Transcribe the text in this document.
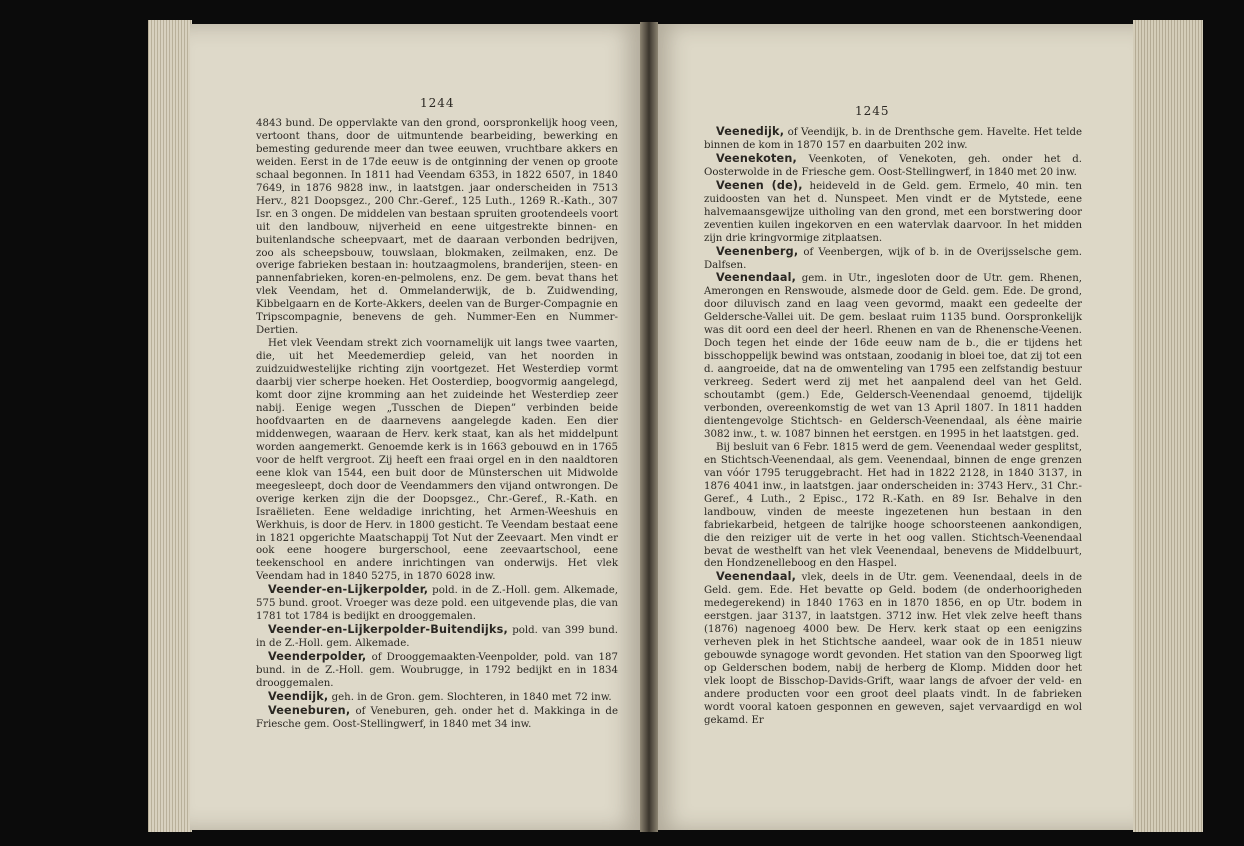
1244
1245

4843 bund. De oppervlakte van den grond, oorspronkelijk hoog veen, vertoont thans, door de uitmuntende bearbeiding, bewerking en bemesting gedurende meer dan twee eeuwen, vruchtbare akkers en weiden. Eerst in de 17de eeuw is de ontginning der venen op groote schaal begonnen. In 1811 had Veendam 6353, in 1822 6507, in 1840 7649, in 1876 9828 inw., in laatstgen. jaar onderscheiden in 7513 Herv., 821 Doopsgez., 200 Chr.-Geref., 125 Luth., 1269 R.-Kath., 307 Isr. en 3 ongen. De middelen van bestaan spruiten grootendeels voort uit den landbouw, nijverheid en eene uitgestrekte binnen- en buitenlandsche scheepvaart, met de daaraan verbonden bedrijven, zoo als scheepsbouw, touwslaan, blokmaken, zeilmaken, enz. De overige fabrieken bestaan in: houtzaagmolens, branderijen, steen- en pannenfabrieken, koren-en-pelmolens, enz. De gem. bevat thans het vlek Veendam, het d. Ommelanderwijk, de b. Zuidwending, Kibbelgaarn en de Korte-Akkers, deelen van de Burger-Compagnie en Tripscompagnie, benevens de geh. Nummer-Een en Nummer-Dertien.

Het vlek Veendam strekt zich voornamelijk uit langs twee vaarten, die, uit het Meedemerdiep geleid, van het noorden in zuidzuidwestelijke richting zijn voortgezet. Het Westerdiep vormt daarbij vier scherpe hoeken. Het Oosterdiep, boogvormig aangelegd, komt door zijne kromming aan het zuideinde het Westerdiep zeer nabij. Eenige wegen „Tusschen de Diepen” verbinden beide hoofdvaarten en de daarnevens aangelegde kaden. Een dier middenwegen, waaraan de Herv. kerk staat, kan als het middelpunt worden aangemerkt. Genoemde kerk is in 1663 gebouwd en in 1765 voor de helft vergroot. Zij heeft een fraai orgel en in den naaldtoren eene klok van 1544, een buit door de Münsterschen uit Midwolde meegesleept, doch door de Veendammers den vijand ontwrongen. De overige kerken zijn die der Doopsgez., Chr.-Geref., R.-Kath. en Israëlieten. Eene weldadige inrichting, het Armen-Weeshuis en Werkhuis, is door de Herv. in 1800 gesticht. Te Veendam bestaat eene in 1821 opgerichte Maatschappij Tot Nut der Zeevaart. Men vindt er ook eene hoogere burgerschool, eene zeevaartschool, eene teekenschool en andere inrichtingen van onderwijs. Het vlek Veendam had in 1840 5275, in 1870 6028 inw.

Veender-en-Lijkerpolder, pold. in de Z.-Holl. gem. Alkemade, 575 bund. groot. Vroeger was deze pold. een uitgevende plas, die van 1781 tot 1784 is bedijkt en drooggemalen.

Veender-en-Lijkerpolder-Buitendijks, pold. van 399 bund. in de Z.-Holl. gem. Alkemade.

Veenderpolder, of Drooggemaakten-Veenpolder, pold. van 187 bund. in de Z.-Holl. gem. Woubrugge, in 1792 bedijkt en in 1834 drooggemalen.

Veendijk, geh. in de Gron. gem. Slochteren, in 1840 met 72 inw.

Veeneburen, of Veneburen, geh. onder het d. Makkinga in de Friesche gem. Oost-Stellingwerf, in 1840 met 34 inw.

Veenedijk, of Veendijk, b. in de Drenthsche gem. Havelte. Het telde binnen de kom in 1870 157 en daarbuiten 202 inw.

Veenekoten, Veenkoten, of Venekoten, geh. onder het d. Oosterwolde in de Friesche gem. Oost-Stellingwerf, in 1840 met 20 inw.

Veenen (de), heideveld in de Geld. gem. Ermelo, 40 min. ten zuidoosten van het d. Nunspeet. Men vindt er de Mytstede, eene halvemaansgewijze uitholing van den grond, met een borstwering door zeventien kuilen ingekorven en een watervlak daarvoor. In het midden zijn drie kringvormige zitplaatsen.

Veenenberg, of Veenbergen, wijk of b. in de Overijsselsche gem. Dalfsen.

Veenendaal, gem. in Utr., ingesloten door de Utr. gem. Rhenen, Amerongen en Renswoude, alsmede door de Geld. gem. Ede. De grond, door diluvisch zand en laag veen gevormd, maakt een gedeelte der Geldersche-Vallei uit. De gem. beslaat ruim 1135 bund. Oorspronkelijk was dit oord een deel der heerl. Rhenen en van de Rhenensche-Veenen. Doch tegen het einde der 16de eeuw nam de b., die er tijdens het bisschoppelijk bewind was ontstaan, zoodanig in bloei toe, dat zij tot een d. aangroeide, dat na de omwenteling van 1795 een zelfstandig bestuur verkreeg. Sedert werd zij met het aanpalend deel van het Geld. schoutambt (gem.) Ede, Geldersch-Veenendaal genoemd, tijdelijk verbonden, overeenkomstig de wet van 13 April 1807. In 1811 hadden dientengevolge Stichtsch- en Geldersch-Veenendaal, als éène mairie 3082 inw., t. w. 1087 binnen het eerstgen. en 1995 in het laatstgen. ged.

Bij besluit van 6 Febr. 1815 werd de gem. Veenendaal weder gesplitst, en Stichtsch-Veenendaal, als gem. Veenendaal, binnen de enge grenzen van vóór 1795 teruggebracht. Het had in 1822 2128, in 1840 3137, in 1876 4041 inw., in laatstgen. jaar onderscheiden in: 3743 Herv., 31 Chr.-Geref., 4 Luth., 2 Episc., 172 R.-Kath. en 89 Isr. Behalve in den landbouw, vinden de meeste ingezetenen hun bestaan in den fabriekarbeid, hetgeen de talrijke hooge schoorsteenen aankondigen, die den reiziger uit de verte in het oog vallen. Stichtsch-Veenendaal bevat de westhelft van het vlek Veenendaal, benevens de Middelbuurt, den Hondzenelleboog en den Haspel.

Veenendaal, vlek, deels in de Utr. gem. Veenendaal, deels in de Geld. gem. Ede. Het bevatte op Geld. bodem (de onderhoorigheden medegerekend) in 1840 1763 en in 1870 1856, en op Utr. bodem in eerstgen. jaar 3137, in laatstgen. 3712 inw. Het vlek zelve heeft thans (1876) nagenoeg 4000 bew. De Herv. kerk staat op een eenigzins verheven plek in het Stichtsche aandeel, waar ook de in 1851 nieuw gebouwde synagoge wordt gevonden. Het station van den Spoorweg ligt op Gelderschen bodem, nabij de herberg de Klomp. Midden door het vlek loopt de Bisschop-Davids-Grift, waar langs de afvoer der veld- en andere producten voor een groot deel plaats vindt. In de fabrieken wordt vooral katoen gesponnen en geweven, sajet vervaardigd en wol gekamd. Er
